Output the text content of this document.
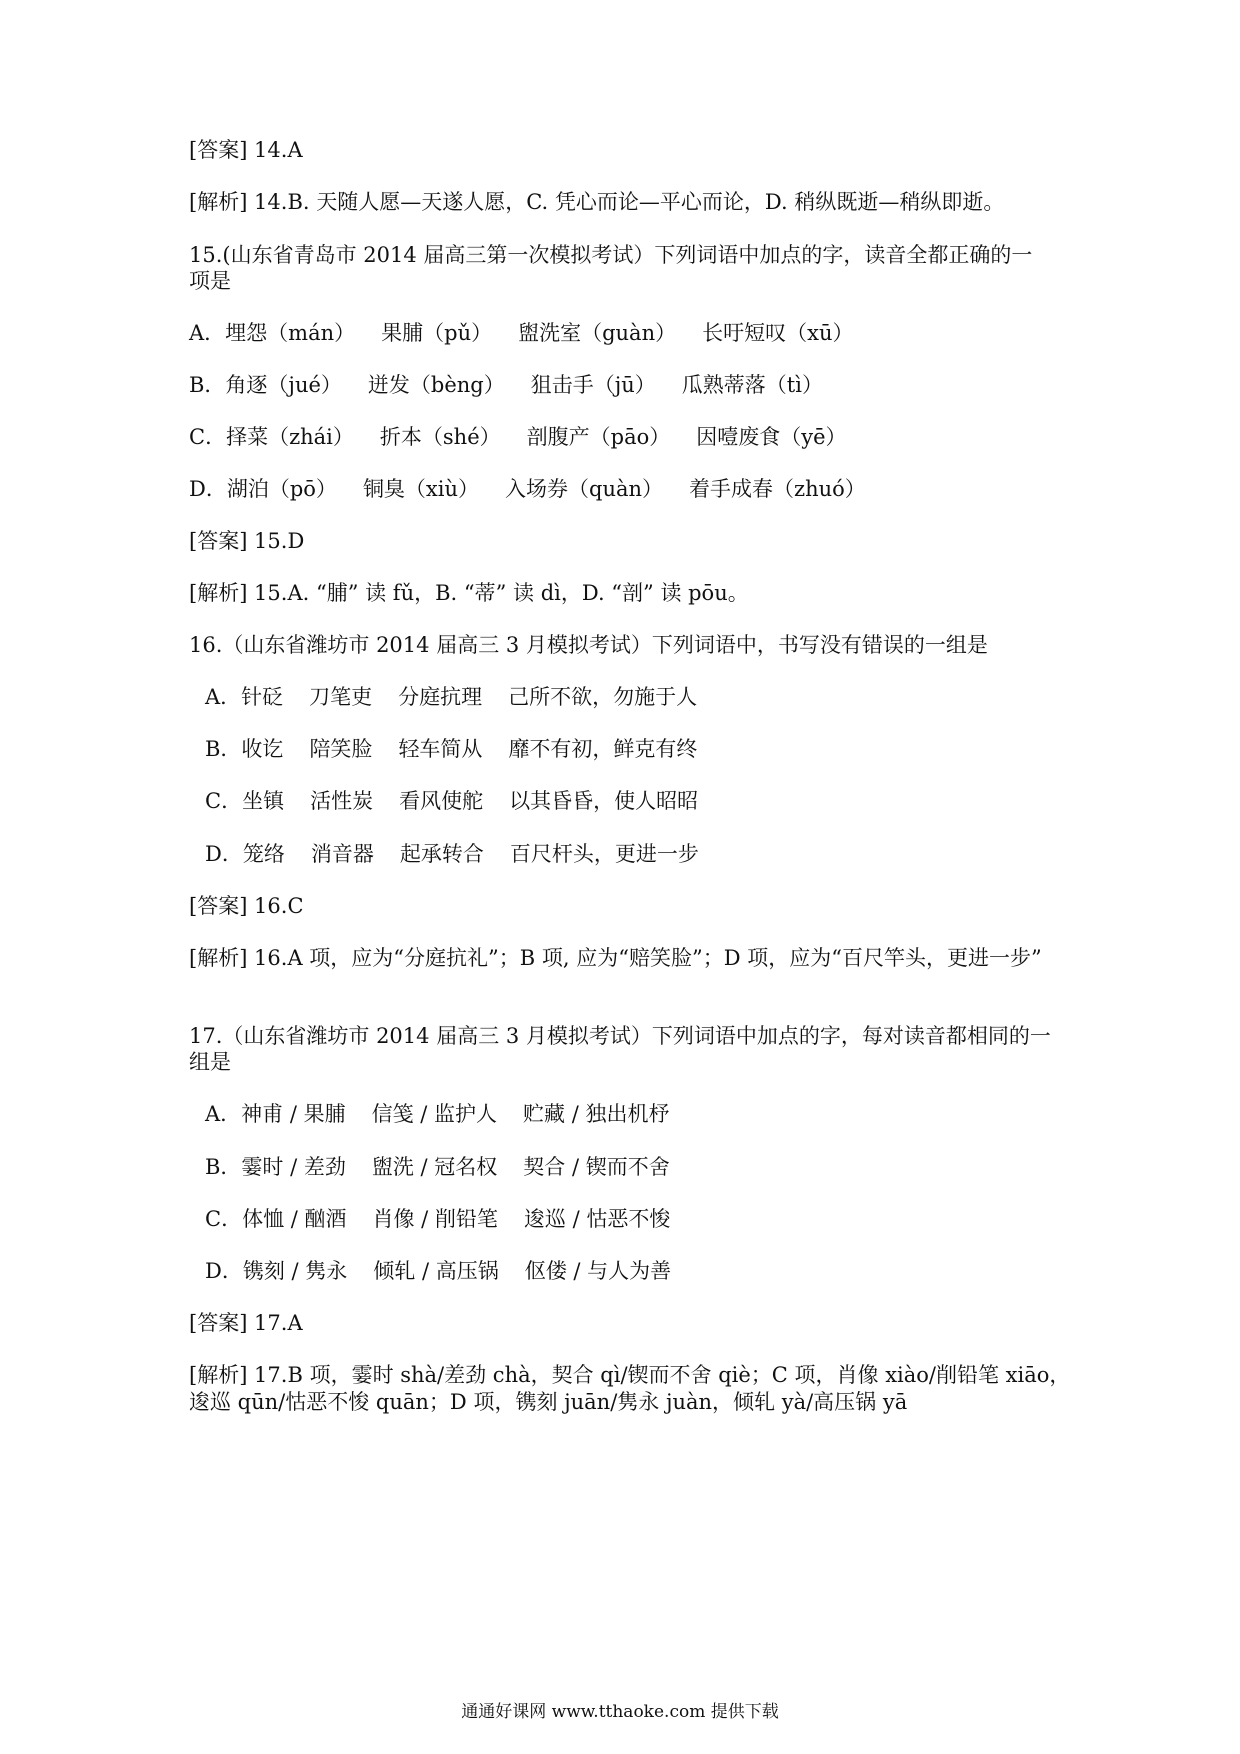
[答案] 14.A
[解析] 14.B. 天随人愿—天遂人愿，C. 凭心而论—平心而论，D. 稍纵既逝—稍纵即逝。
15.(山东省青岛市 2014 届高三第一次模拟考试）下列词语中加点的字，读音全都正确的一
项是
A．埋怨（mán） 果脯（pǔ） 盥洗室（guàn） 长吁短叹（xū）
B．角逐（jué） 迸发（bèng） 狙击手（jū） 瓜熟蒂落（tì）
C．择菜（zhái） 折本（shé） 剖腹产（pāo） 因噎废食（yē）
D．湖泊（pō） 铜臭（xiù） 入场券（quàn） 着手成春（zhuó）
[答案] 15.D
[解析] 15.A. “脯” 读 fǔ，B. “蒂” 读 dì，D. “剖” 读 pōu。
16.（山东省潍坊市 2014 届高三 3 月模拟考试）下列词语中，书写没有错误的一组是
A．针砭 刀笔吏 分庭抗理 己所不欲，勿施于人
B．收讫 陪笑脸 轻车简从 靡不有初，鲜克有终
C．坐镇 活性炭 看风使舵 以其昏昏，使人昭昭
D．笼络 消音器 起承转合 百尺杆头，更进一步
[答案] 16.C
[解析] 16.A 项，应为“分庭抗礼”；B 项, 应为“赔笑脸”；D 项，应为“百尺竿头，更进一步”
17.（山东省潍坊市 2014 届高三 3 月模拟考试）下列词语中加点的字，每对读音都相同的一
组是
A．神甫 / 果脯 信笺 / 监护人 贮藏 / 独出机杼
B．霎时 / 差劲 盥洗 / 冠名权 契合 / 锲而不舍
C．体恤 / 酗酒 肖像 / 削铅笔 逡巡 / 怙恶不悛
D．镌刻 / 隽永 倾轧 / 高压锅 伛偻 / 与人为善
[答案] 17.A
[解析] 17.B 项，霎时 shà/差劲 chà，契合 qì/锲而不舍 qiè；C 项，肖像 xiào/削铅笔 xiāo，
逡巡 qūn/怙恶不悛 quān；D 项，镌刻 juān/隽永 juàn，倾轧 yà/高压锅 yā
通通好课网 www.tthaoke.com 提供下载
